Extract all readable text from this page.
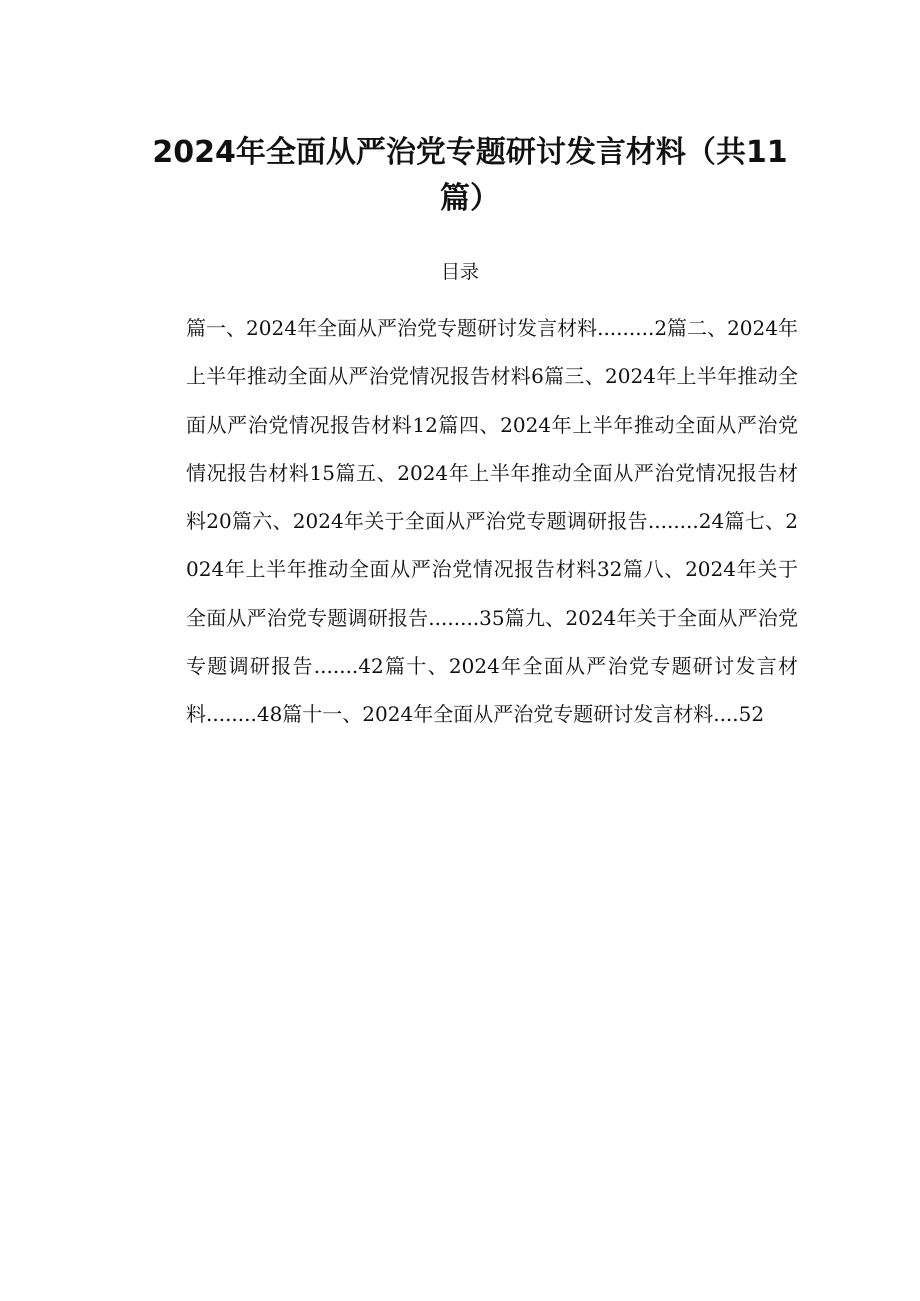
2024年全面从严治党专题研讨发言材料（共11篇）
目录

篇一、2024年全面从严治党专题研讨发言材料.........2篇二、2024年上半年推动全面从严治党情况报告材料6篇三、2024年上半年推动全面从严治党情况报告材料12篇四、2024年上半年推动全面从严治党情况报告材料15篇五、2024年上半年推动全面从严治党情况报告材料20篇六、2024年关于全面从严治党专题调研报告........24篇七、2024年上半年推动全面从严治党情况报告材料32篇八、2024年关于全面从严治党专题调研报告........35篇九、2024年关于全面从严治党专题调研报告.......42篇十、2024年全面从严治党专题研讨发言材料........48篇十一、2024年全面从严治党专题研讨发言材料....52
